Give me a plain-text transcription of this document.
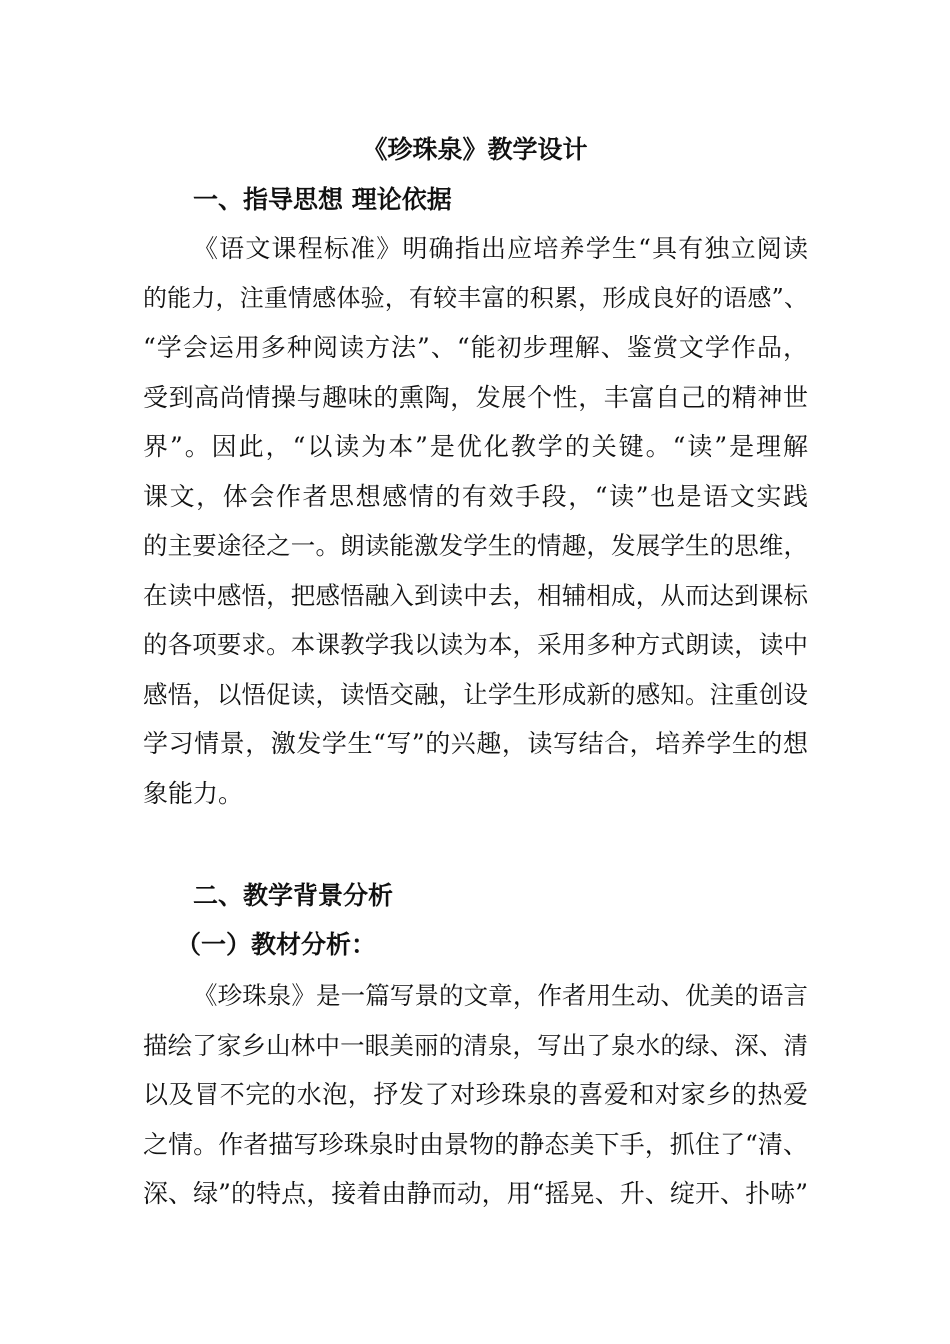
《珍珠泉》教学设计
一、指导思想 理论依据
《语文课程标准》明确指出应培养学生“具有独立阅读
的能力，注重情感体验，有较丰富的积累，形成良好的语感”、
“学会运用多种阅读方法”、“能初步理解、鉴赏文学作品，
受到高尚情操与趣味的熏陶，发展个性，丰富自己的精神世
界”。因此，“以读为本”是优化教学的关键。“读”是理解
课文，体会作者思想感情的有效手段，“读”也是语文实践
的主要途径之一。朗读能激发学生的情趣，发展学生的思维，
在读中感悟，把感悟融入到读中去，相辅相成，从而达到课标
的各项要求。本课教学我以读为本，采用多种方式朗读，读中
感悟，以悟促读，读悟交融，让学生形成新的感知。注重创设
学习情景，激发学生“写”的兴趣，读写结合，培养学生的想
象能力。
二、教学背景分析
（一）教材分析：
《珍珠泉》是一篇写景的文章，作者用生动、优美的语言
描绘了家乡山林中一眼美丽的清泉，写出了泉水的绿、深、清
以及冒不完的水泡，抒发了对珍珠泉的喜爱和对家乡的热爱
之情。作者描写珍珠泉时由景物的静态美下手，抓住了“清、
深、绿”的特点，接着由静而动，用“摇晃、升、绽开、扑哧”
